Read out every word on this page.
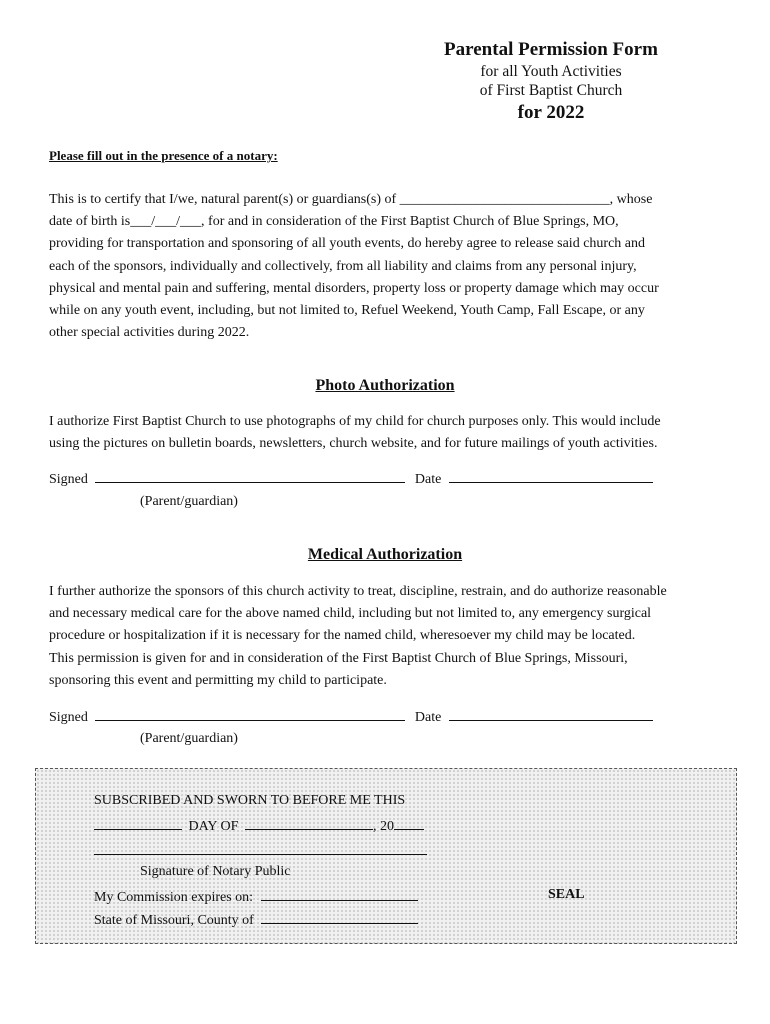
Parental Permission Form
for all Youth Activities
of First Baptist Church
for 2022
Please fill out in the presence of a notary:
This is to certify that I/we, natural parent(s) or guardians(s) of ______________________________, whose
date of birth is___/___/___, for and in consideration of the First Baptist Church of Blue Springs, MO,
providing for transportation and sponsoring of all youth events, do hereby agree to release said church and
each of the sponsors, individually and collectively, from all liability and claims from any personal injury,
physical and mental pain and suffering, mental disorders, property loss or property damage which may occur
while on any youth event, including, but not limited to, Refuel Weekend, Youth Camp, Fall Escape, or any
other special activities during 2022.
Photo Authorization
I authorize First Baptist Church to use photographs of my child for church purposes only. This would include
using the pictures on bulletin boards, newsletters, church website, and for future mailings of youth activities.
Signed	Date
(Parent/guardian)
Medical Authorization
I further authorize the sponsors of this church activity to treat, discipline, restrain, and do authorize reasonable
and necessary medical care for the above named child, including but not limited to, any emergency surgical
procedure or hospitalization if it is necessary for the named child, wheresoever my child may be located.
This permission is given for and in consideration of the First Baptist Church of Blue Springs, Missouri,
sponsoring this event and permitting my child to participate.
Signed	Date
(Parent/guardian)
SUBSCRIBED AND SWORN TO BEFORE ME THIS
DAY OF	, 20
Signature of Notary Public
My Commission expires on:
State of Missouri, County of
SEAL
